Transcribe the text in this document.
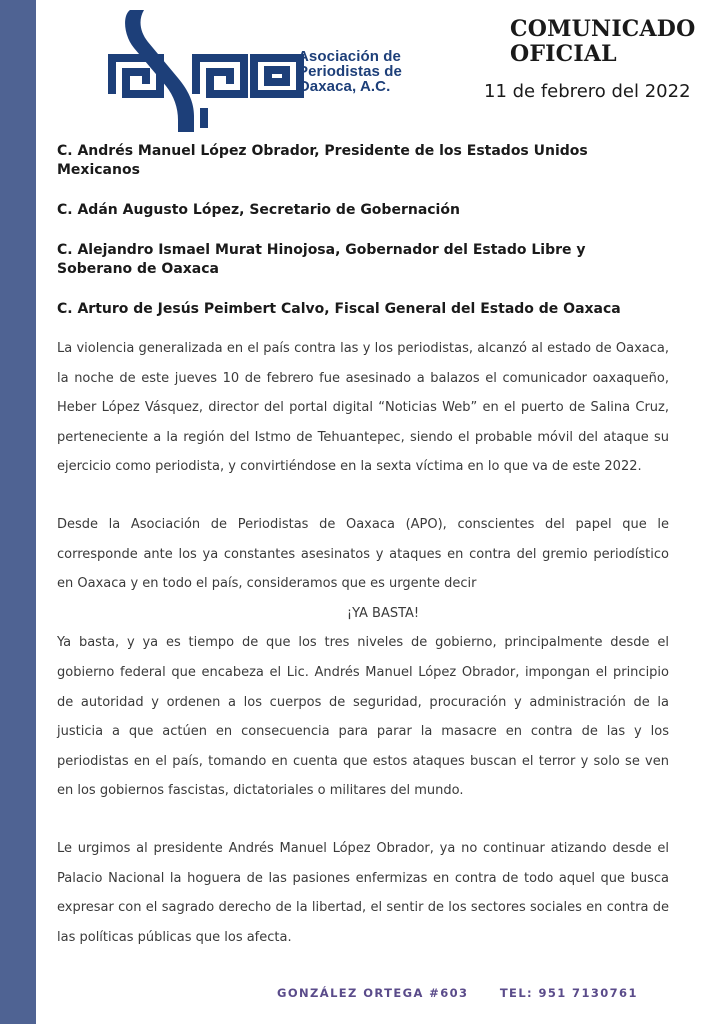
Asociación de
Periodistas de
Oaxaca, A.C.
COMUNICADO
OFICIAL
11 de febrero del 2022

C. Andrés Manuel López Obrador, Presidente de los Estados Unidos Mexicanos

C. Adán Augusto López, Secretario de Gobernación

C. Alejandro Ismael Murat Hinojosa, Gobernador del Estado Libre y Soberano de Oaxaca

C. Arturo de Jesús Peimbert Calvo, Fiscal General del Estado de Oaxaca

La violencia generalizada en el país contra las y los periodistas, alcanzó al estado de Oaxaca, la noche de este jueves 10 de febrero fue asesinado a balazos el comunicador oaxaqueño, Heber López Vásquez, director del portal digital “Noticias Web” en el puerto de Salina Cruz, perteneciente a la región del Istmo de Tehuantepec, siendo el probable móvil del ataque su ejercicio como periodista, y convirtiéndose en la sexta víctima en lo que va de este 2022.

Desde la Asociación de Periodistas de Oaxaca (APO), conscientes del papel que le corresponde ante los ya constantes asesinatos y ataques en contra del gremio periodístico en Oaxaca y en todo el país, consideramos que es urgente decir

¡YA BASTA!

Ya basta, y ya es tiempo de que los tres niveles de gobierno, principalmente desde el gobierno federal que encabeza el Lic. Andrés Manuel López Obrador, impongan el principio de autoridad y ordenen a los cuerpos de seguridad, procuración y administración de la justicia a que actúen en consecuencia para parar la masacre en contra de las y los periodistas en el país, tomando en cuenta que estos ataques buscan el terror y solo se ven en los gobiernos fascistas, dictatoriales o militares del mundo.

Le urgimos al presidente Andrés Manuel López Obrador, ya no continuar atizando desde el Palacio Nacional la hoguera de las pasiones enfermizas en contra de todo aquel que busca expresar con el sagrado derecho de la libertad, el sentir de los sectores sociales en contra de las políticas públicas que los afecta.

GONZÁLEZ ORTEGA #603	TEL: 951 7130761
